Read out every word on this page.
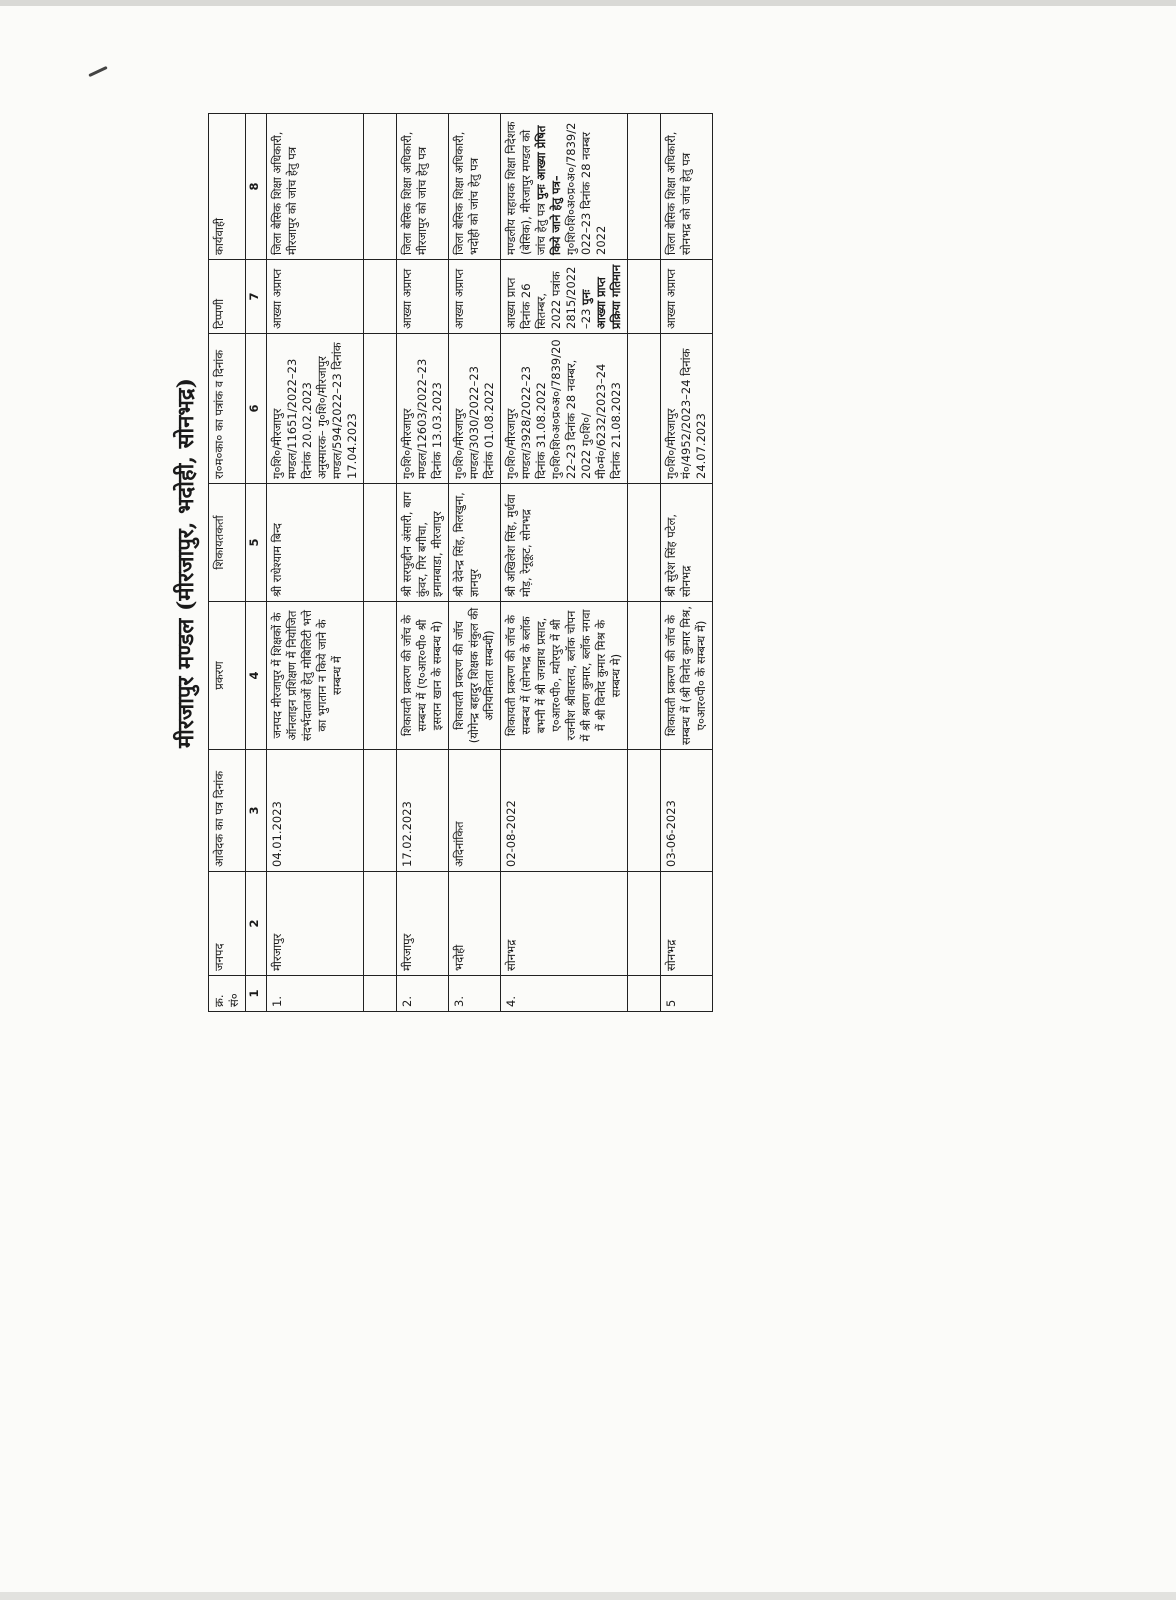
मीरजापुर मण्डल (मीरजापुर, भदोही, सोनभद्र)
क्र. सं०	जनपद	आवेदक का पत्र दिनांक	प्रकरण	शिकायतकर्ता	रा०म०का० का पत्रांक व दिनांक	टिप्पणी	कार्यवाही
1	2	3	4	5	6	7	8
1.	मीरजापुर	04.01.2023	जनपद मीरजापुर में शिक्षकों के ऑनलाइन प्रशिक्षण में नियोजित संदर्भदाताओं हेतु मोबिलिटी भत्ते का भुगतान न किये जाने के सम्बन्ध में	श्री राधेश्याम बिन्द	गु०शि०/मीरजापुर मण्डल/11651/2022–23 दिनांक 20.02.2023 अनुस्मारक– गु०शि०/मीरजापुर मण्डल/594/2022–23 दिनांक 17.04.2023	आख्या अप्राप्त	जिला बेसिक शिक्षा अधिकारी, मीरजापुर को जांच हेतु पत्र

2.	मीरजापुर	17.02.2023	शिकायती प्रकरण की जॉच के सम्बन्ध में (ए०आर०पी० श्री इसरान खान के सम्बन्ध मे)	श्री सरफुद्दीन अंसारी, बाग कुंवर, गिर बगीचा, इमामबाडा, मीरजापुर	गु०शि०/मीरजापुर मण्डल/12603/2022–23 दिनांक 13.03.2023	आख्या अप्राप्त	जिला बेसिक शिक्षा अधिकारी, मीरजापुर को जांच हेतु पत्र
3.	भदोही	अदिनांकित	शिकायती प्रकरण की जॉच (योगेन्द्र बहादुर शिक्षक संकुल की अनियमितता सम्बन्धी)	श्री देवेन्द्र सिंह, मिलखुना, ज्ञानपुर	गु०शि०/मीरजापुर मण्डल/3030/2022–23 दिनांक 01.08.2022	आख्या अप्राप्त	जिला बेसिक शिक्षा अधिकारी, भदोही को जांच हेतु पत्र
4.	सोनभद्र	02-08-2022	शिकायती प्रकरण की जॉच के सम्बन्ध में (सोनभद्र के ब्लॉक बभनी में श्री जगन्नाथ प्रसाद, ए०आर०पी०, म्योरपुर में श्री रजनीश श्रीवास्तव, ब्लॉक चोपन में श्री श्रवण कुमार, ब्लॉक नगवा में श्री विनोद कुमार मिश्र के सम्बन्ध मे)	श्री अखिलेश सिंह, मुर्धवा मोड़, रेनूकूट, सोनभद्र	गु०शि०/मीरजापुर मण्डल/3928/2022–23 दिनांक 31.08.2022 गु०शि०शि०अ०प्र०अ०/7839/2022–23 दिनांक 28 नवम्बर, 2022 गु०शि०/मी०मं०/6232/2023–24 दिनांक 21.08.2023	आख्या प्राप्त दिनांक 26 सितम्बर, 2022 पत्रांक 2815/2022–23 पुनः आख्या प्राप्त प्रक्रिया गतिमान	मण्डलीय सहायक शिक्षा निदेशक (बेसिक), मीरजापुर मण्डल को जांच हेतु पत्र पुनः आख्या प्रेषित किये जाने हेतु पत्र– गु०शि०शि०अ०प्र०अ०/7839/2022–23 दिनांक 28 नवम्बर 2022

5	सोनभद्र	03-06-2023	शिकायती प्रकरण की जॉच के सम्बन्ध में (श्री विनोद कुमार मिश्र, ए०आर०पी० के सम्बन्ध में)	श्री सुरेश सिंह पटेल, सोनभद्र	गु०शि०/मीरजापुर मं०/4952/2023–24 दिनांक 24.07.2023	आख्या अप्राप्त	जिला बेसिक शिक्षा अधिकारी, सोनभद्र को जांच हेतु पत्र
